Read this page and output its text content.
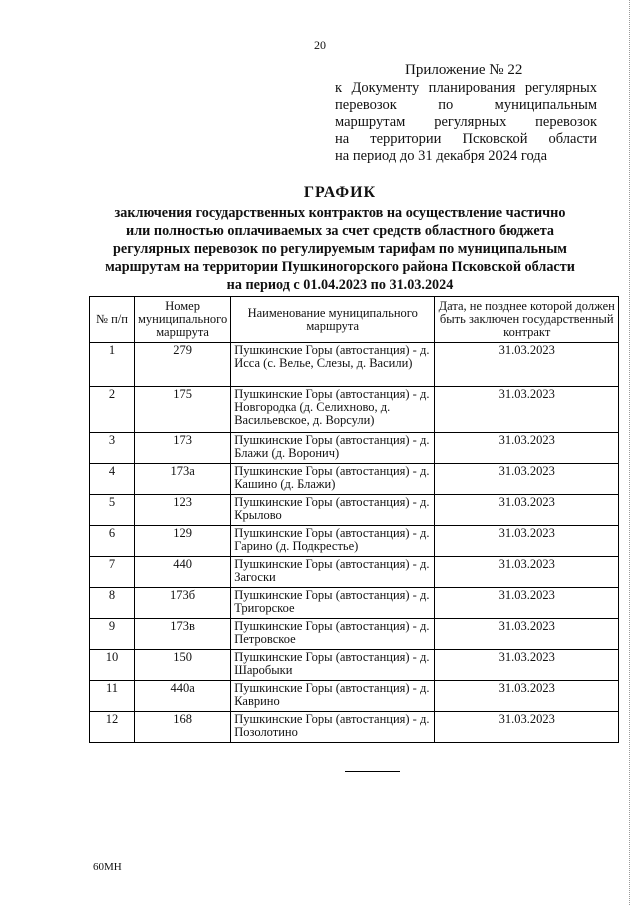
20
Приложение № 22
к Документу планирования регулярных
перевозок по муниципальным
маршрутам регулярных перевозок
на территории Псковской области
на период до 31 декабря 2024 года
ГРАФИК
заключения государственных контрактов на осуществление частично
или полностью оплачиваемых за счет средств областного бюджета
регулярных перевозок по регулируемым тарифам по муниципальным
маршрутам на территории Пушкиногорского района Псковской области
на период с 01.04.2023 по 31.03.2024
№ п/п	Номер муниципального маршрута	Наименование муниципального маршрута	Дата, не позднее которой должен быть заключен государственный контракт
1	279	Пушкинские Горы (автостанция) - д. Исса (с. Велье, Слезы, д. Васили)	31.03.2023
2	175	Пушкинские Горы (автостанция) - д. Новгородка (д. Селихново, д. Васильевское, д. Ворсули)	31.03.2023
3	173	Пушкинские Горы (автостанция) - д. Блажи (д. Воронич)	31.03.2023
4	173а	Пушкинские Горы (автостанция) - д. Кашино (д. Блажи)	31.03.2023
5	123	Пушкинские Горы (автостанция) - д. Крылово	31.03.2023
6	129	Пушкинские Горы (автостанция) - д. Гарино (д. Подкрестье)	31.03.2023
7	440	Пушкинские Горы (автостанция) - д. Загоски	31.03.2023
8	173б	Пушкинские Горы (автостанция) - д. Тригорское	31.03.2023
9	173в	Пушкинские Горы (автостанция) - д. Петровское	31.03.2023
10	150	Пушкинские Горы (автостанция) - д. Шаробыки	31.03.2023
11	440а	Пушкинские Горы (автостанция) - д. Каврино	31.03.2023
12	168	Пушкинские Горы (автостанция) - д. Позолотино	31.03.2023
60МН
